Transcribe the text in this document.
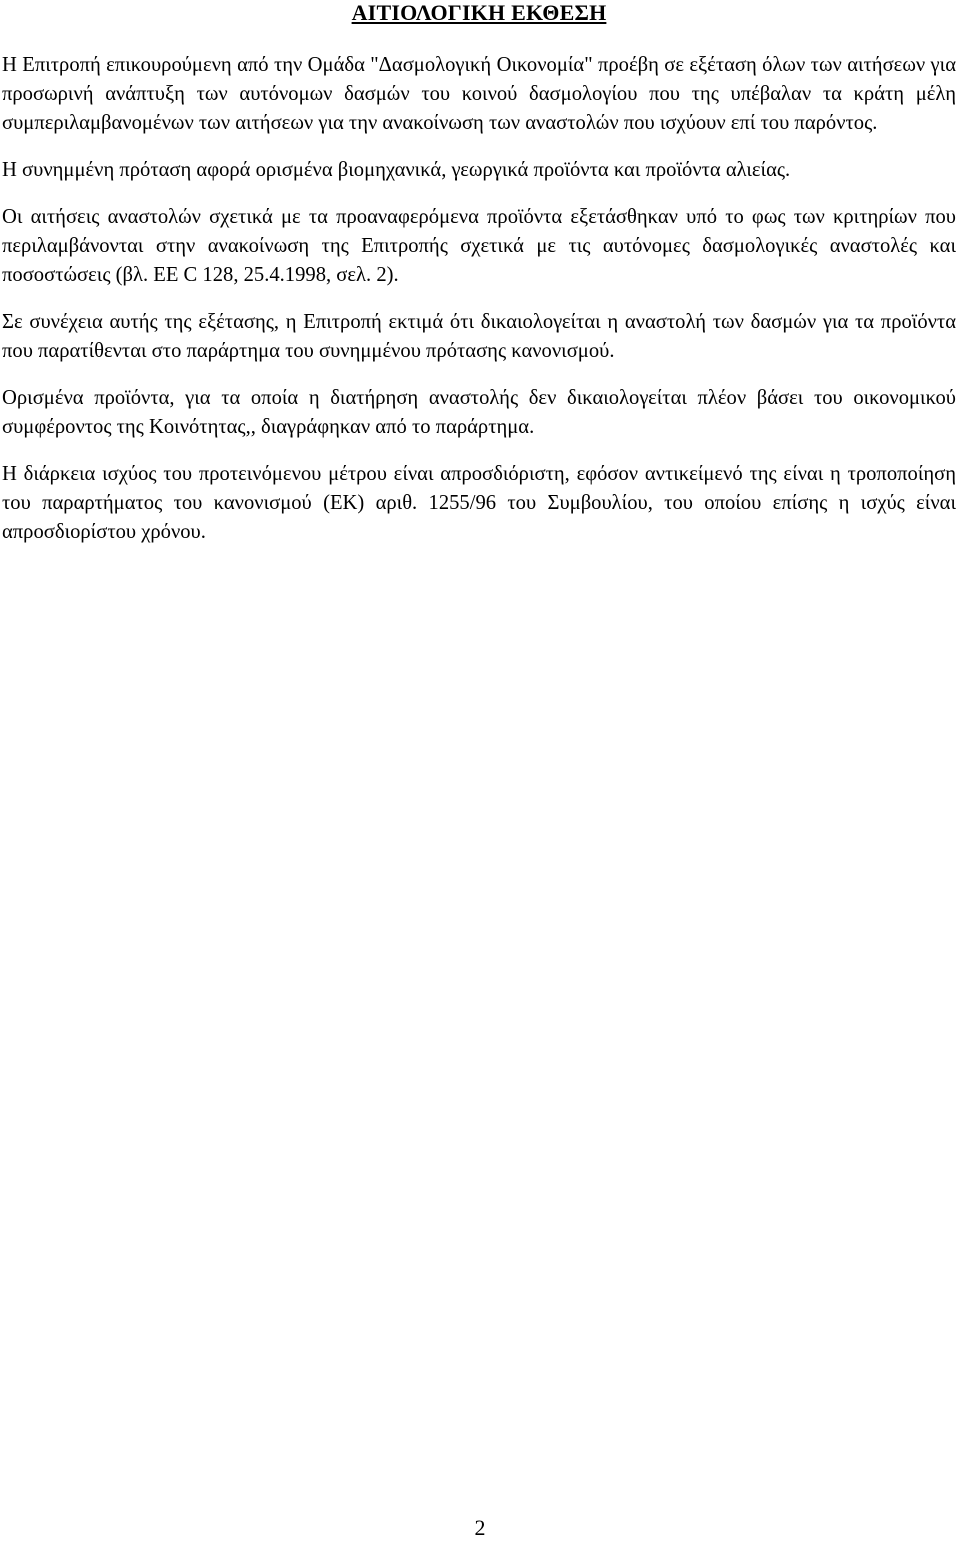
ΑΙΤΙΟΛΟΓΙΚΗ ΕΚΘΕΣΗ

Η Επιτροπή επικουρούμενη από την Ομάδα "Δασμολογική Οικονομία" προέβη σε εξέταση όλων των αιτήσεων για προσωρινή ανάπτυξη των αυτόνομων δασμών του κοινού δασμολογίου που της υπέβαλαν τα κράτη μέλη συμπεριλαμβανομένων των αιτήσεων για την ανακοίνωση των αναστολών που ισχύουν επί του παρόντος.

Η συνημμένη πρόταση αφορά ορισμένα βιομηχανικά, γεωργικά προϊόντα και προϊόντα αλιείας.

Οι αιτήσεις αναστολών σχετικά με τα προαναφερόμενα προϊόντα εξετάσθηκαν υπό το φως των κριτηρίων που περιλαμβάνονται στην ανακοίνωση της Επιτροπής σχετικά με τις αυτόνομες δασμολογικές αναστολές και ποσοστώσεις (βλ. ΕΕ C 128, 25.4.1998, σελ. 2).

Σε συνέχεια αυτής της εξέτασης, η Επιτροπή εκτιμά ότι δικαιολογείται η αναστολή των δασμών για τα προϊόντα που παρατίθενται στο παράρτημα του συνημμένου πρότασης κανονισμού.

Ορισμένα προϊόντα, για τα οποία η διατήρηση αναστολής δεν δικαιολογείται πλέον βάσει του οικονομικού συμφέροντος της Κοινότητας,, διαγράφηκαν από το παράρτημα.

Η διάρκεια ισχύος του προτεινόμενου μέτρου είναι απροσδιόριστη, εφόσον αντικείμενό της είναι η τροποποίηση του παραρτήματος του κανονισμού (ΕΚ) αριθ. 1255/96 του Συμβουλίου, του οποίου επίσης η ισχύς είναι απροσδιορίστου χρόνου.

2
